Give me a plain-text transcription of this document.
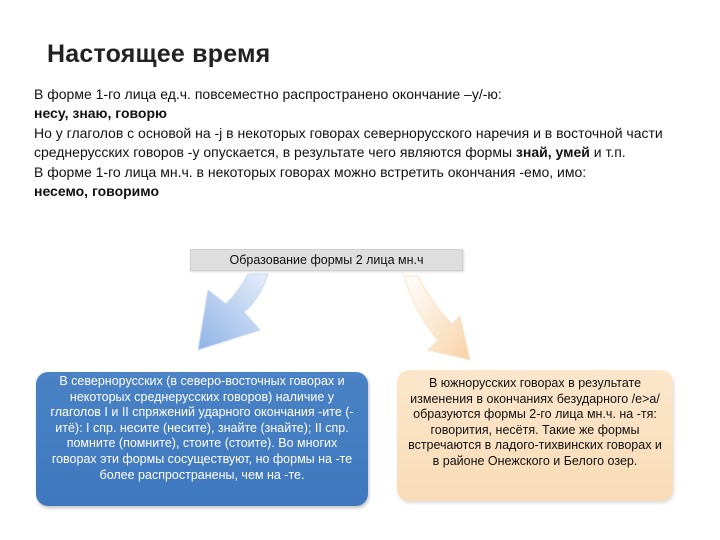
Настоящее время

В форме 1-го лица ед.ч. повсеместно распространено окончание –у/-ю:

несу, знаю, говорю

Но у глаголов с основой на -j в некоторых говорах севернорусского наречия и в восточной части среднерусских говоров -у опускается, в результате чего являются формы знай, умей и т.п.

В форме 1-го лица мн.ч. в некоторых говорах можно встретить окончания -емо, имо:

несемо, говоримо

Образование формы 2 лица мн.ч
В севернорусских (в северо-восточных говорах и некоторых среднерусских говоров) наличие у глаголов I и II спряжений ударного окончания -ите (-итё): I спр. несите (несите), знайте (знайте); II спр. помните (помните), стоите (стоите). Во многих говорах эти формы сосуществуют, но формы на -те более распространены, чем на -те.
В южнорусских говорах в результате изменения в окончаниях безударного /е>а/образуются формы 2-го лица мн.ч. на -тя: говорития, несётя. Такие же формы встречаются в ладого-тихвинских говорах и в районе Онежского и Белого озер.
